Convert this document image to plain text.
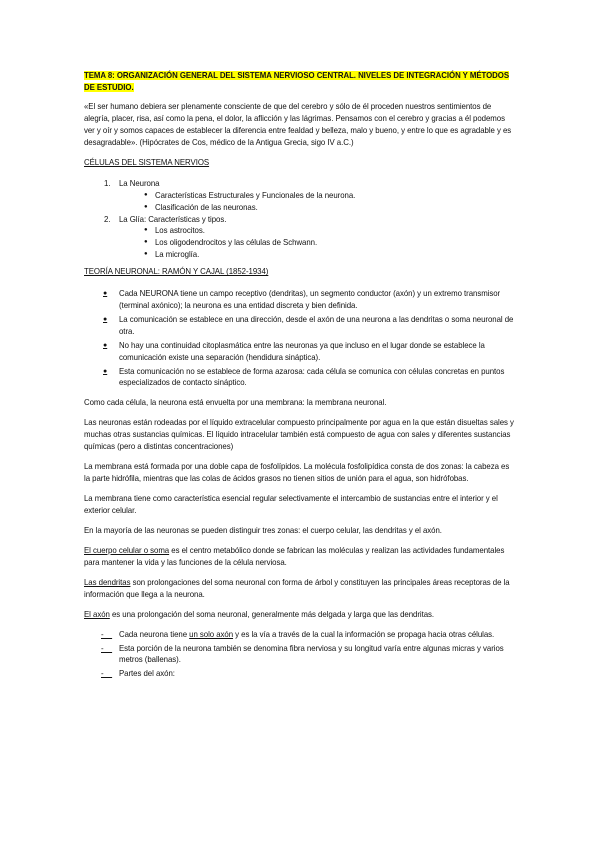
TEMA 8: ORGANIZACIÓN GENERAL DEL SISTEMA NERVIOSO CENTRAL. NIVELES DE INTEGRACIÓN Y MÉTODOS DE ESTUDIO.

«El ser humano debiera ser plenamente consciente de que del cerebro y sólo de él proceden nuestros sentimientos de alegría, placer, risa, así como la pena, el dolor, la aflicción y las lágrimas. Pensamos con el cerebro y gracias a él podemos ver y oír y somos capaces de establecer la diferencia entre fealdad y belleza, malo y bueno, y entre lo que es agradable y es desagradable». (Hipócrates de Cos, médico de la Antigua Grecia, sigo IV a.C.)

CÉLULAS DEL SISTEMA NERVIOS

1. La Neurona
● Características Estructurales y Funcionales de la neurona.
● Clasificación de las neuronas.
2. La Glía: Características y tipos.
● Los astrocitos.
● Los oligodendrocitos y las células de Schwann.
● La microglía.

TEORÍA NEURONAL: RAMÓN Y CAJAL (1852-1934)

● Cada NEURONA tiene un campo receptivo (dendritas), un segmento conductor (axón) y un extremo transmisor (terminal axónico); la neurona es una entidad discreta y bien definida.
● La comunicación se establece en una dirección, desde el axón de una neurona a las dendritas o soma neuronal de otra.
● No hay una continuidad citoplasmática entre las neuronas ya que incluso en el lugar donde se establece la comunicación existe una separación (hendidura sináptica).
● Esta comunicación no se establece de forma azarosa: cada célula se comunica con células concretas en puntos especializados de contacto sináptico.

Como cada célula, la neurona está envuelta por una membrana: la membrana neuronal.

Las neuronas están rodeadas por el líquido extracelular compuesto principalmente por agua en la que están disueltas sales y muchas otras sustancias químicas. El líquido intracelular también está compuesto de agua con sales y diferentes sustancias químicas (pero a distintas concentraciones)

La membrana está formada por una doble capa de fosfolípidos. La molécula fosfolipídica consta de dos zonas: la cabeza es la parte hidrófila, mientras que las colas de ácidos grasos no tienen sitios de unión para el agua, son hidrófobas.

La membrana tiene como característica esencial regular selectivamente el intercambio de sustancias entre el interior y el exterior celular.

En la mayoría de las neuronas se pueden distinguir tres zonas: el cuerpo celular, las dendritas y el axón.

El cuerpo celular o soma es el centro metabólico donde se fabrican las moléculas y realizan las actividades fundamentales para mantener la vida y las funciones de la célula nerviosa.

Las dendritas son prolongaciones del soma neuronal con forma de árbol y constituyen las principales áreas receptoras de la información que llega a la neurona.

El axón es una prolongación del soma neuronal, generalmente más delgada y larga que las dendritas.

- Cada neurona tiene un solo axón y es la vía a través de la cual la información se propaga hacia otras células.
- Esta porción de la neurona también se denomina fibra nerviosa y su longitud varía entre algunas micras y varios metros (ballenas).
- Partes del axón:
